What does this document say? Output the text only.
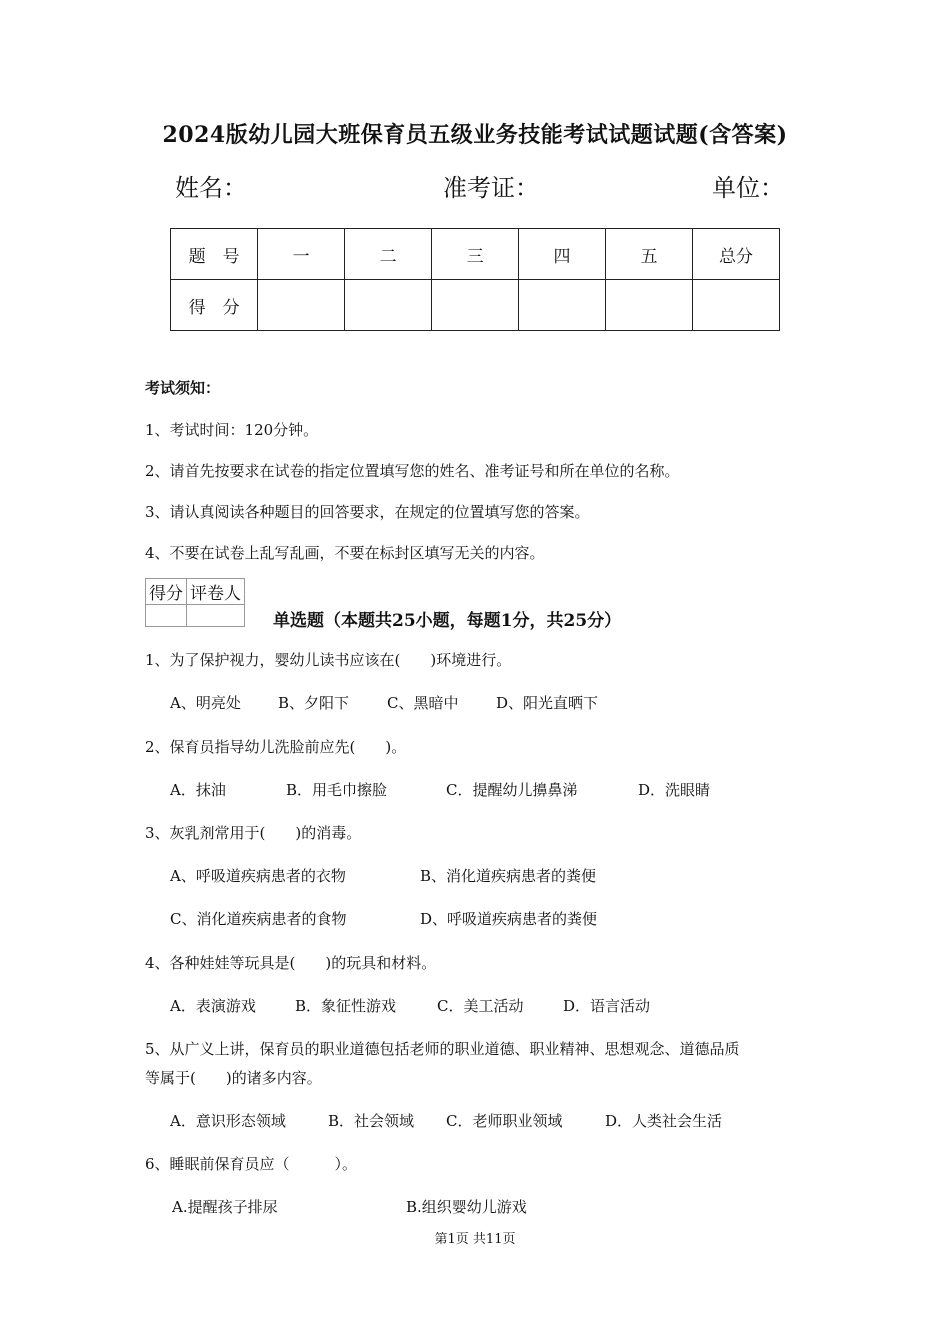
2024版幼儿园大班保育员五级业务技能考试试题试题(含答案)
姓名：	准考证：	单位：
题　号	一	二	三	四	五	总分
得　分						
考试须知：
1、考试时间：120分钟。
2、请首先按要求在试卷的指定位置填写您的姓名、准考证号和所在单位的名称。
3、请认真阅读各种题目的回答要求，在规定的位置填写您的答案。
4、不要在试卷上乱写乱画，不要在标封区填写无关的内容。
得分	评卷人

单选题（本题共25小题，每题1分，共25分）
1、为了保护视力，婴幼儿读书应该在(　　)环境进行。
A、明亮处 B、夕阳下	C、黑暗中	D、阳光直晒下
2、保育员指导幼儿洗脸前应先(　　)。
A．抹油	B．用毛巾擦脸	C．提醒幼儿擤鼻涕	D．洗眼睛
3、灰乳剂常用于(　　)的消毒。
A、呼吸道疾病患者的衣物	B、消化道疾病患者的粪便
C、消化道疾病患者的食物	D、呼吸道疾病患者的粪便
4、各种娃娃等玩具是(　　)的玩具和材料。
A．表演游戏	B．象征性游戏	C．美工活动	D．语言活动
5、从广义上讲，保育员的职业道德包括老师的职业道德、职业精神、思想观念、道德品质
等属于(　　)的诸多内容。
A．意识形态领域	B．社会领域 C．老师职业领域	D．人类社会生活
6、睡眠前保育员应（　　　）。
A.提醒孩子排尿	B.组织婴幼儿游戏
第1页 共11页
